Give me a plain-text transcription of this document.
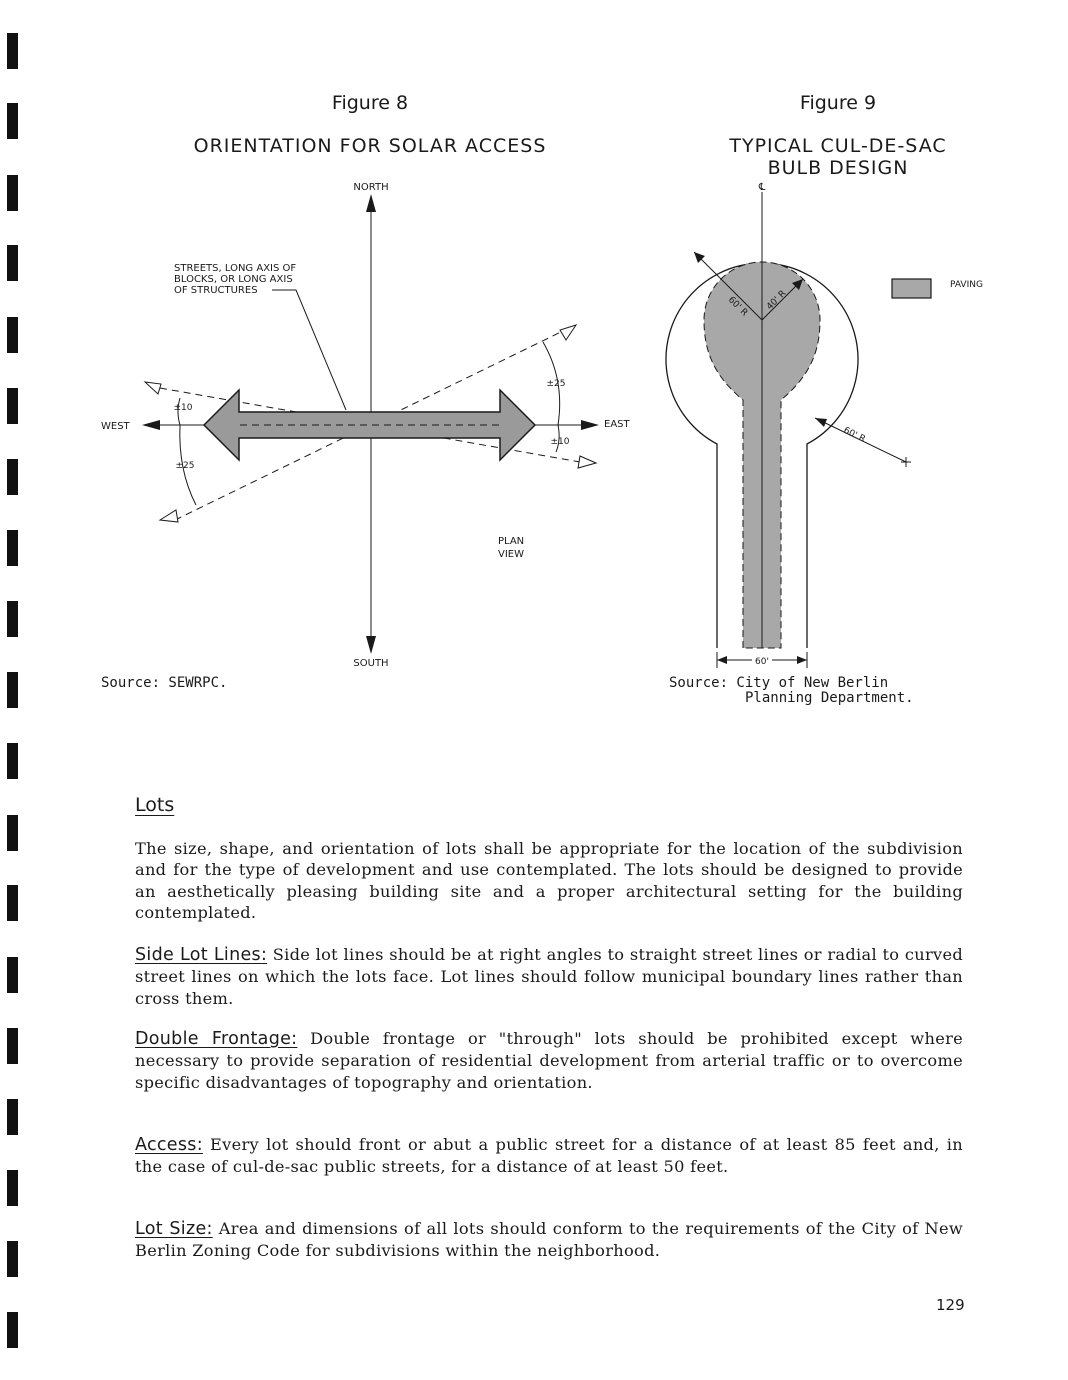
Figure 8
ORIENTATION FOR SOLAR ACCESS
NORTH
SOUTH
EAST
WEST
STREETS, LONG AXIS OF
BLOCKS, OR LONG AXIS
OF STRUCTURES
±25
±10
±10
±25
PLAN
VIEW
Source: SEWRPC.
Figure 9
TYPICAL CUL-DE-SAC
BULB DESIGN
℄
60' R 40' R
60' R
60'
PAVING
Source: City of New Berlin
Planning Department.
Lots

The size, shape, and orientation of lots shall be appropriate for the location of the subdivision and for the type of development and use contemplated. The lots should be designed to provide an aesthetically pleasing building site and a proper architectural setting for the building contemplated.

Side Lot Lines: Side lot lines should be at right angles to straight street lines or radial to curved street lines on which the lots face. Lot lines should follow municipal boundary lines rather than cross them.

Double Frontage: Double frontage or "through" lots should be prohibited except where necessary to provide separation of residential development from arterial traffic or to overcome specific disadvantages of topography and orientation.

Access: Every lot should front or abut a public street for a distance of at least 85 feet and, in the case of cul-de-sac public streets, for a distance of at least 50 feet.

Lot Size: Area and dimensions of all lots should conform to the requirements of the City of New Berlin Zoning Code for subdivisions within the neighborhood.

129
